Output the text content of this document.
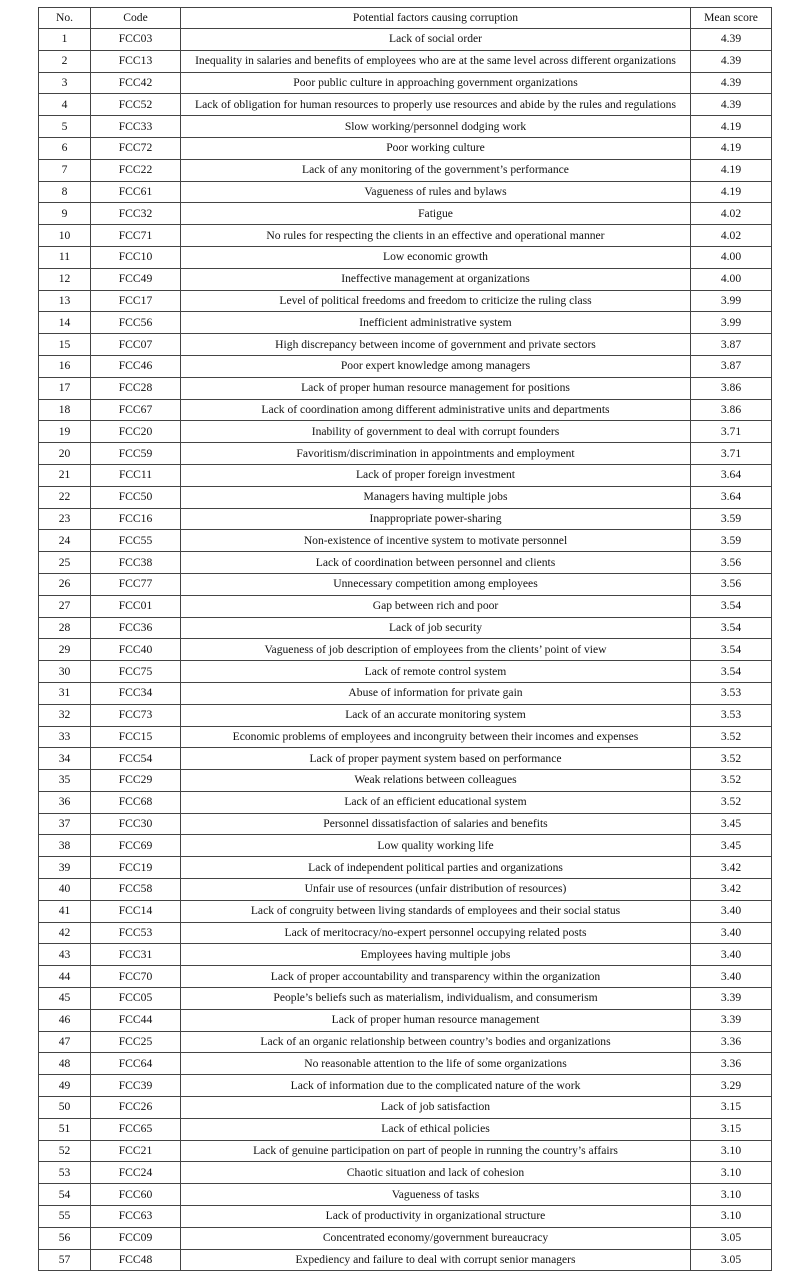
No.	Code	Potential factors causing corruption	Mean score
1	FCC03	Lack of social order	4.39
2	FCC13	Inequality in salaries and benefits of employees who are at the same level across different organizations	4.39
3	FCC42	Poor public culture in approaching government organizations	4.39
4	FCC52	Lack of obligation for human resources to properly use resources and abide by the rules and regulations	4.39
5	FCC33	Slow working/personnel dodging work	4.19
6	FCC72	Poor working culture	4.19
7	FCC22	Lack of any monitoring of the government’s performance	4.19
8	FCC61	Vagueness of rules and bylaws	4.19
9	FCC32	Fatigue	4.02
10	FCC71	No rules for respecting the clients in an effective and operational manner	4.02
11	FCC10	Low economic growth	4.00
12	FCC49	Ineffective management at organizations	4.00
13	FCC17	Level of political freedoms and freedom to criticize the ruling class	3.99
14	FCC56	Inefficient administrative system	3.99
15	FCC07	High discrepancy between income of government and private sectors	3.87
16	FCC46	Poor expert knowledge among managers	3.87
17	FCC28	Lack of proper human resource management for positions	3.86
18	FCC67	Lack of coordination among different administrative units and departments	3.86
19	FCC20	Inability of government to deal with corrupt founders	3.71
20	FCC59	Favoritism/discrimination in appointments and employment	3.71
21	FCC11	Lack of proper foreign investment	3.64
22	FCC50	Managers having multiple jobs	3.64
23	FCC16	Inappropriate power-sharing	3.59
24	FCC55	Non-existence of incentive system to motivate personnel	3.59
25	FCC38	Lack of coordination between personnel and clients	3.56
26	FCC77	Unnecessary competition among employees	3.56
27	FCC01	Gap between rich and poor	3.54
28	FCC36	Lack of job security	3.54
29	FCC40	Vagueness of job description of employees from the clients’ point of view	3.54
30	FCC75	Lack of remote control system	3.54
31	FCC34	Abuse of information for private gain	3.53
32	FCC73	Lack of an accurate monitoring system	3.53
33	FCC15	Economic problems of employees and incongruity between their incomes and expenses	3.52
34	FCC54	Lack of proper payment system based on performance	3.52
35	FCC29	Weak relations between colleagues	3.52
36	FCC68	Lack of an efficient educational system	3.52
37	FCC30	Personnel dissatisfaction of salaries and benefits	3.45
38	FCC69	Low quality working life	3.45
39	FCC19	Lack of independent political parties and organizations	3.42
40	FCC58	Unfair use of resources (unfair distribution of resources)	3.42
41	FCC14	Lack of congruity between living standards of employees and their social status	3.40
42	FCC53	Lack of meritocracy/no-expert personnel occupying related posts	3.40
43	FCC31	Employees having multiple jobs	3.40
44	FCC70	Lack of proper accountability and transparency within the organization	3.40
45	FCC05	People’s beliefs such as materialism, individualism, and consumerism	3.39
46	FCC44	Lack of proper human resource management	3.39
47	FCC25	Lack of an organic relationship between country’s bodies and organizations	3.36
48	FCC64	No reasonable attention to the life of some organizations	3.36
49	FCC39	Lack of information due to the complicated nature of the work	3.29
50	FCC26	Lack of job satisfaction	3.15
51	FCC65	Lack of ethical policies	3.15
52	FCC21	Lack of genuine participation on part of people in running the country’s affairs	3.10
53	FCC24	Chaotic situation and lack of cohesion	3.10
54	FCC60	Vagueness of tasks	3.10
55	FCC63	Lack of productivity in organizational structure	3.10
56	FCC09	Concentrated economy/government bureaucracy	3.05
57	FCC48	Expediency and failure to deal with corrupt senior managers	3.05
